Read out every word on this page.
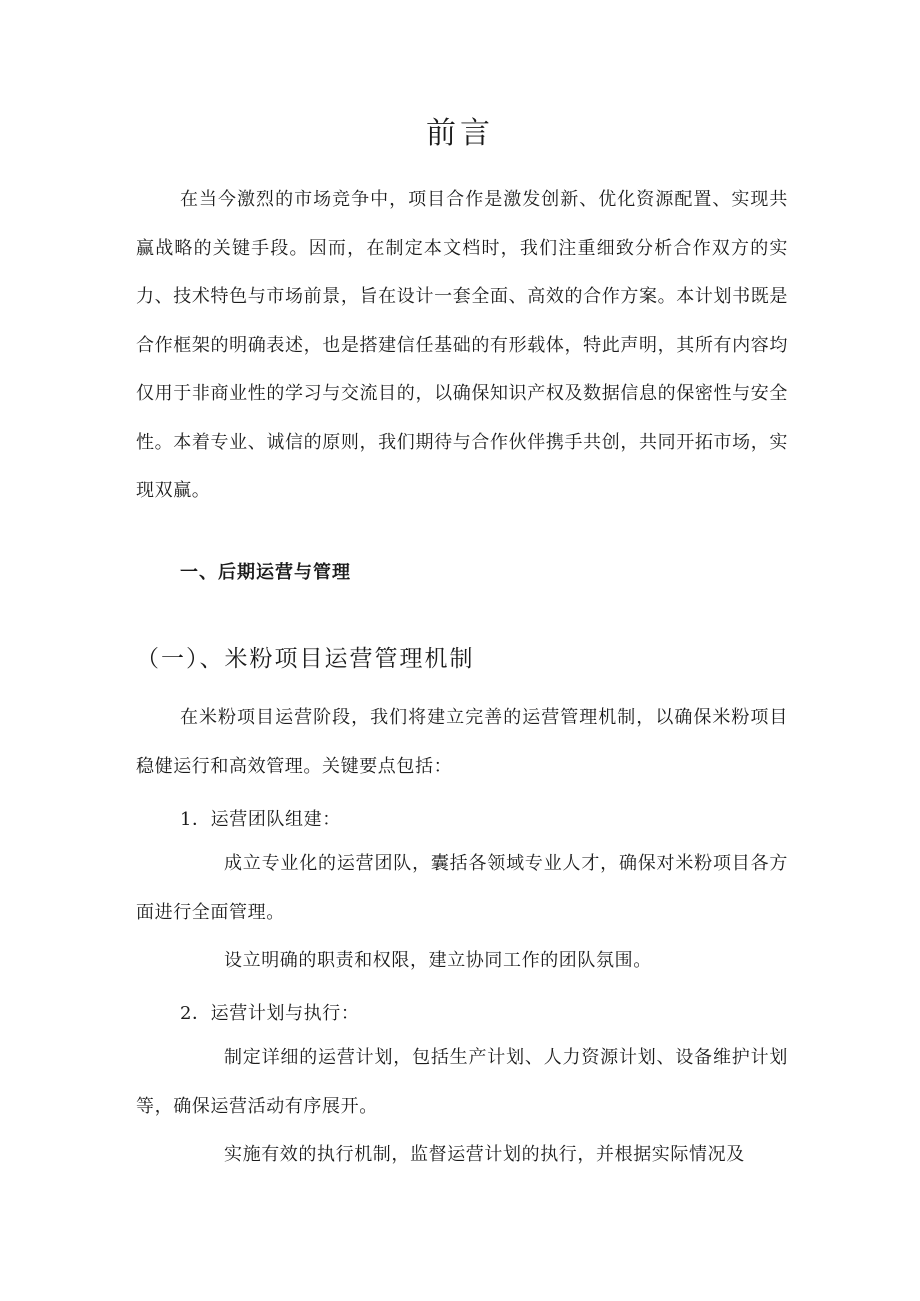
前言

在当今激烈的市场竞争中，项目合作是激发创新、优化资源配置、实现共赢战略的关键手段。因而，在制定本文档时，我们注重细致分析合作双方的实力、技术特色与市场前景，旨在设计一套全面、高效的合作方案。本计划书既是合作框架的明确表述，也是搭建信任基础的有形载体，特此声明，其所有内容均仅用于非商业性的学习与交流目的，以确保知识产权及数据信息的保密性与安全性。本着专业、诚信的原则，我们期待与合作伙伴携手共创，共同开拓市场，实现双赢。

一、后期运营与管理
（一）、米粉项目运营管理机制

在米粉项目运营阶段，我们将建立完善的运营管理机制，以确保米粉项目稳健运行和高效管理。关键要点包括：

1．运营团队组建：

成立专业化的运营团队，囊括各领域专业人才，确保对米粉项目各方面进行全面管理。

设立明确的职责和权限，建立协同工作的团队氛围。

2．运营计划与执行：

制定详细的运营计划，包括生产计划、人力资源计划、设备维护计划等，确保运营活动有序展开。

实施有效的执行机制，监督运营计划的执行，并根据实际情况及
